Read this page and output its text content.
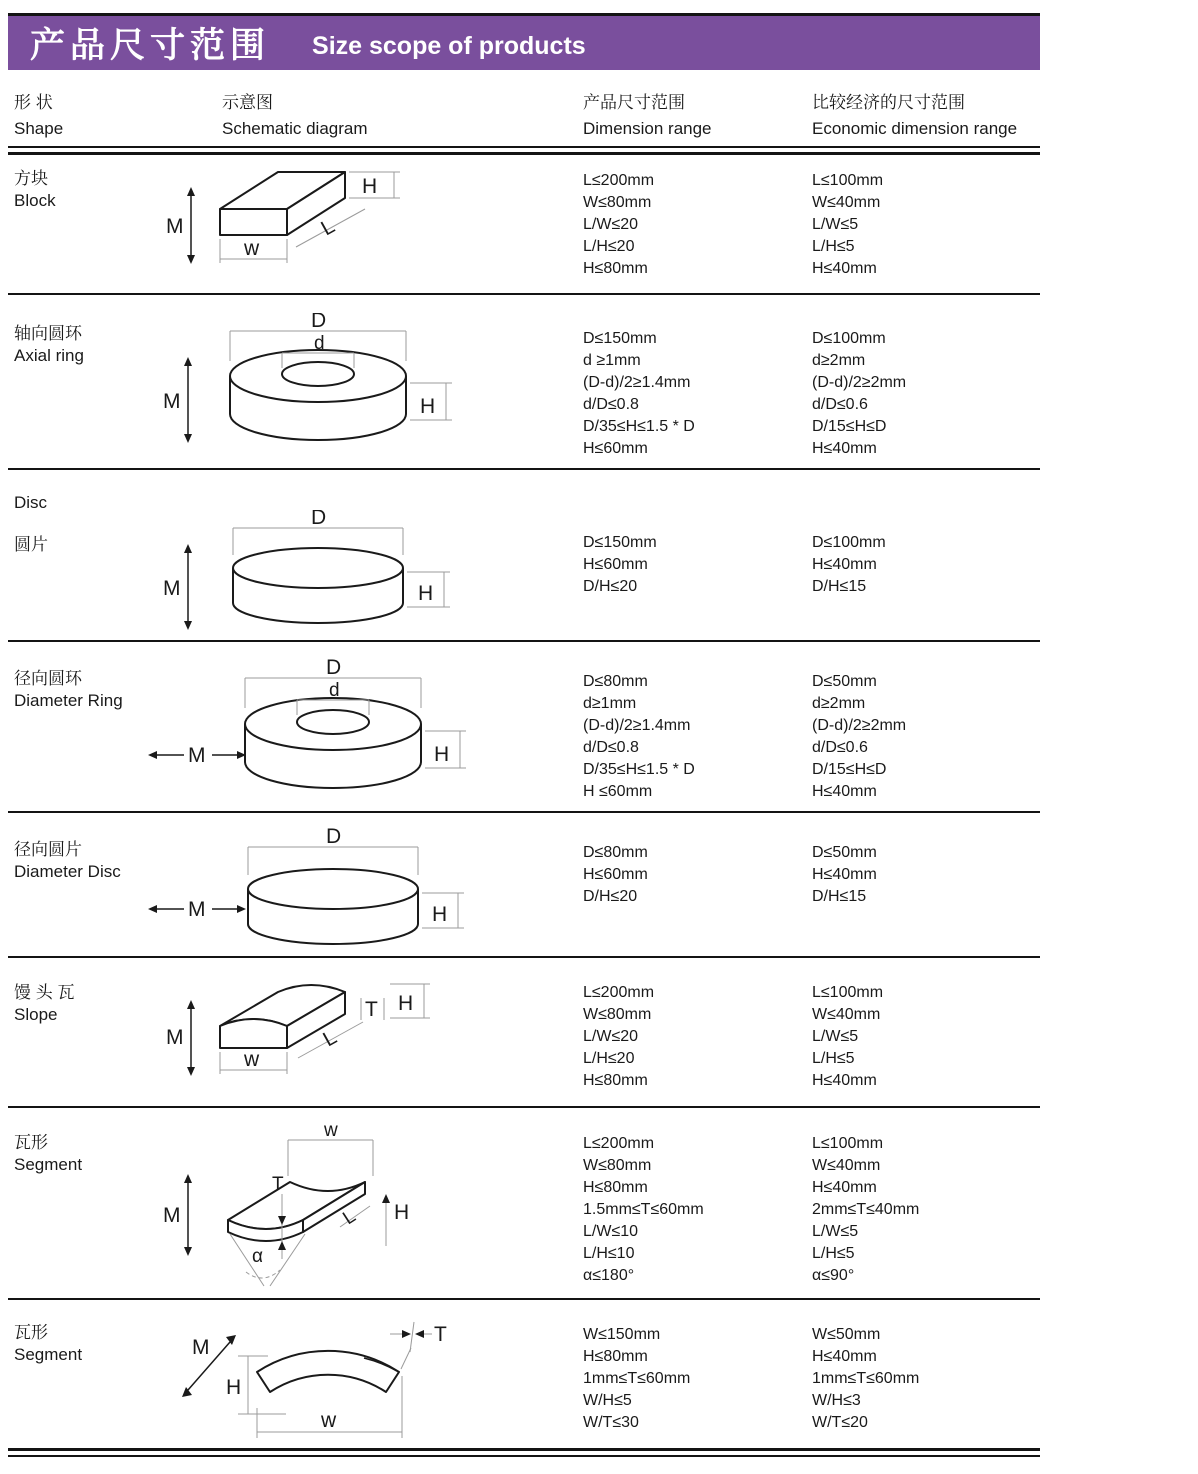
产品尺寸范围 Size scope of products
形 状
Shape
示意图
Schematic diagram
产品尺寸范围
Dimension range
比较经济的尺寸范围
Economic dimension range
方块
Block
H
L
w
M
L≤200mm
W≤80mm
L/W≤20
L/H≤20
H≤80mm
L≤100mm
W≤40mm
L/W≤5
L/H≤5
H≤40mm
轴向圆环
Axial ring
D
d
H
M
D≤150mm
d ≥1mm
(D-d)/2≥1.4mm
d/D≤0.8
D/35≤H≤1.5 * D
H≤60mm
D≤100mm
d≥2mm
(D-d)/2≥2mm
d/D≤0.6
D/15≤H≤D
H≤40mm
Disc
圆片
D
H
M
D≤150mm
H≤60mm
D/H≤20
D≤100mm
H≤40mm
D/H≤15
径向圆环
Diameter Ring
D
d
H
M
D≤80mm
d≥1mm
(D-d)/2≥1.4mm
d/D≤0.8
D/35≤H≤1.5 * D
H ≤60mm
D≤50mm
d≥2mm
(D-d)/2≥2mm
d/D≤0.6
D/15≤H≤D
H≤40mm
径向圆片
Diameter Disc
D
H
M
D≤80mm
H≤60mm
D/H≤20
D≤50mm
H≤40mm
D/H≤15
馒 头 瓦
Slope	T H
L
w
M
L≤200mm
W≤80mm
L/W≤20
L/H≤20
H≤80mm
L≤100mm
W≤40mm
L/W≤5
L/H≤5
H≤40mm
瓦形
Segment
w
T
L H
α
M
L≤200mm
W≤80mm
H≤80mm
1.5mm≤T≤60mm
L/W≤10
L/H≤10
α≤180°
L≤100mm
W≤40mm
H≤40mm
2mm≤T≤40mm
L/W≤5
L/H≤5
α≤90°
瓦形
Segment	M
H
T
w
W≤150mm
H≤80mm
1mm≤T≤60mm
W/H≤5
W/T≤30
W≤50mm
H≤40mm
1mm≤T≤60mm
W/H≤3
W/T≤20
